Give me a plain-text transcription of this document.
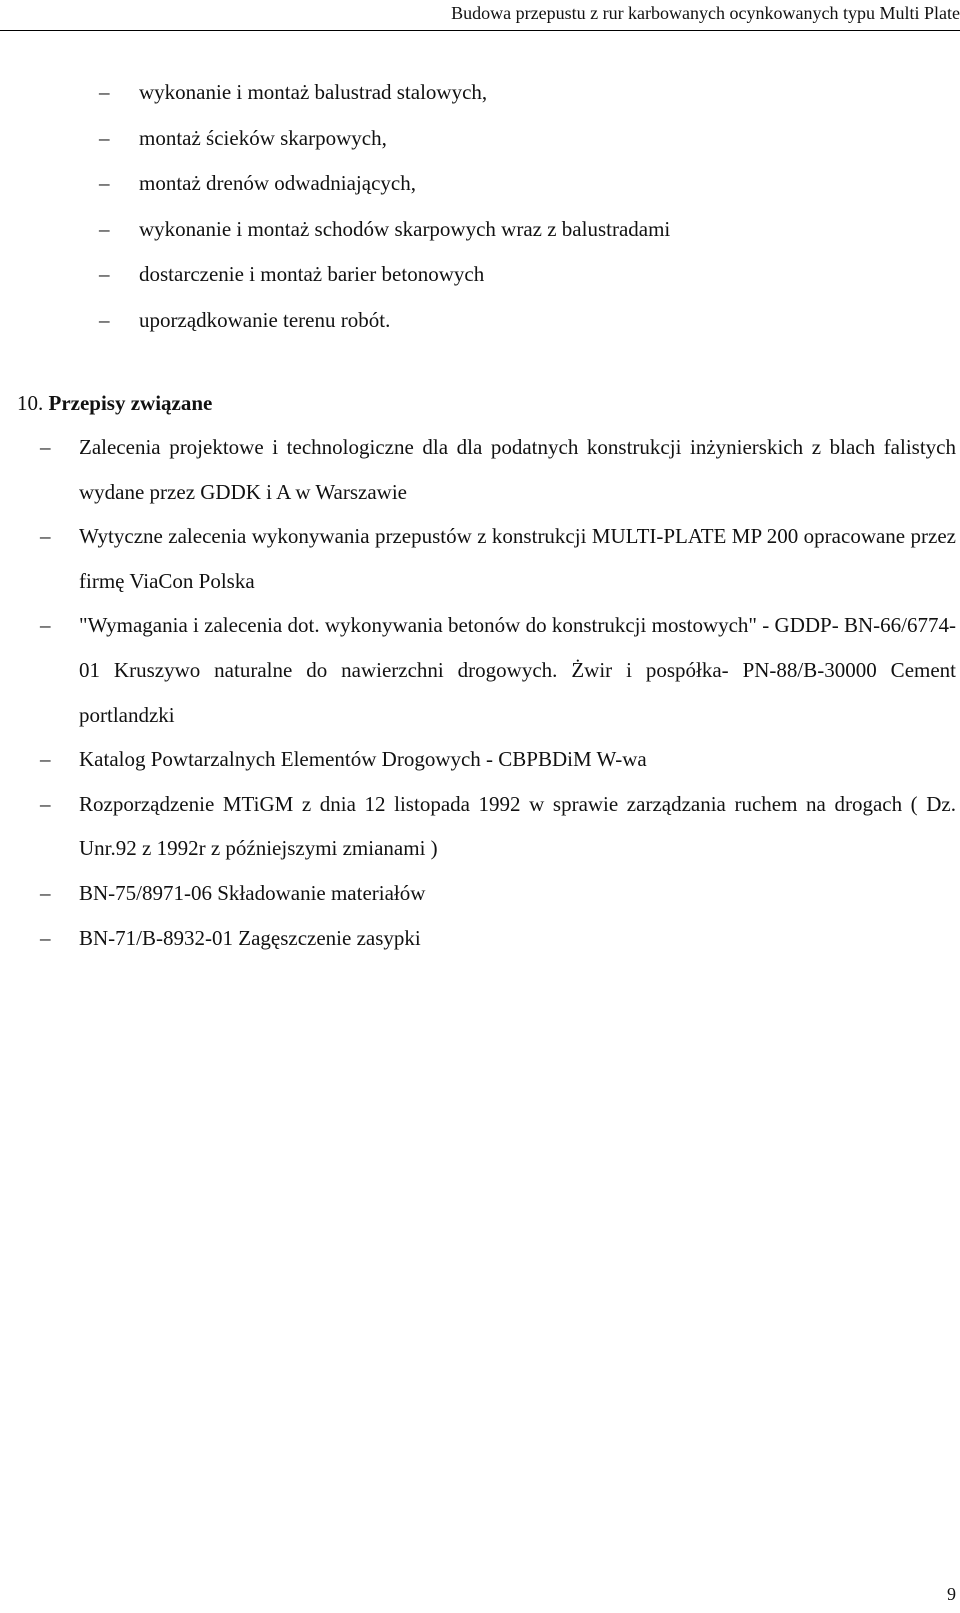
Budowa przepustu z rur karbowanych ocynkowanych typu Multi Plate
– wykonanie i montaż balustrad stalowych,
– montaż ścieków skarpowych,
– montaż drenów odwadniających,
– wykonanie i montaż schodów skarpowych wraz z balustradami
– dostarczenie i montaż barier betonowych
– uporządkowanie terenu robót.
10. Przepisy związane
– Zalecenia projektowe i technologiczne dla dla podatnych konstrukcji inżynierskich z blach falistych wydane przez GDDK i A w Warszawie
– Wytyczne zalecenia wykonywania przepustów z konstrukcji MULTI-PLATE MP 200 opracowane przez firmę ViaCon Polska
– "Wymagania i zalecenia dot. wykonywania betonów do konstrukcji mostowych" - GDDP- BN-66/6774-01 Kruszywo naturalne do nawierzchni drogowych. Żwir i pospółka- PN-88/B-30000 Cement portlandzki
– Katalog Powtarzalnych Elementów Drogowych - CBPBDiM W-wa
– Rozporządzenie MTiGM z dnia 12 listopada 1992 w sprawie zarządzania ruchem na drogach ( Dz. Unr.92 z 1992r z późniejszymi zmianami )
– BN-75/8971-06 Składowanie materiałów
– BN-71/B-8932-01 Zagęszczenie zasypki
9
